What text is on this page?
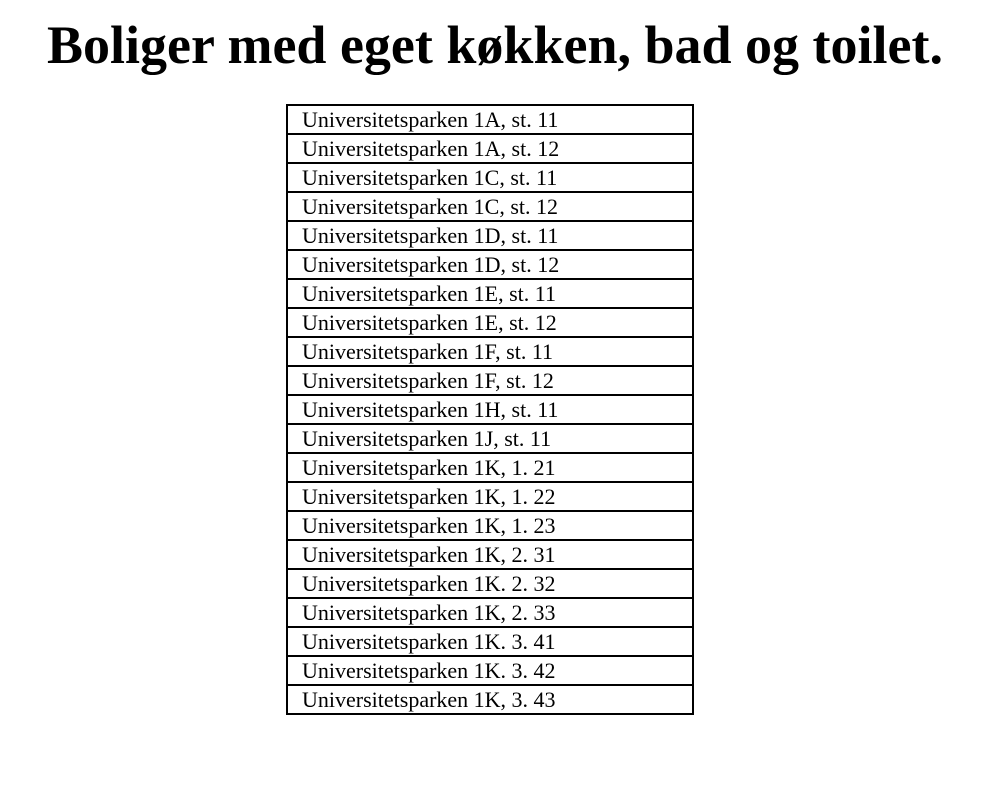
Boliger med eget køkken, bad og toilet.
Universitetsparken 1A, st. 11
Universitetsparken 1A, st. 12
Universitetsparken 1C, st. 11
Universitetsparken 1C, st. 12
Universitetsparken 1D, st. 11
Universitetsparken 1D, st. 12
Universitetsparken 1E, st. 11
Universitetsparken 1E, st. 12
Universitetsparken 1F, st. 11
Universitetsparken 1F, st. 12
Universitetsparken 1H, st. 11
Universitetsparken 1J, st. 11
Universitetsparken 1K, 1. 21
Universitetsparken 1K, 1. 22
Universitetsparken 1K, 1. 23
Universitetsparken 1K, 2. 31
Universitetsparken 1K. 2. 32
Universitetsparken 1K, 2. 33
Universitetsparken 1K. 3. 41
Universitetsparken 1K. 3. 42
Universitetsparken 1K, 3. 43
